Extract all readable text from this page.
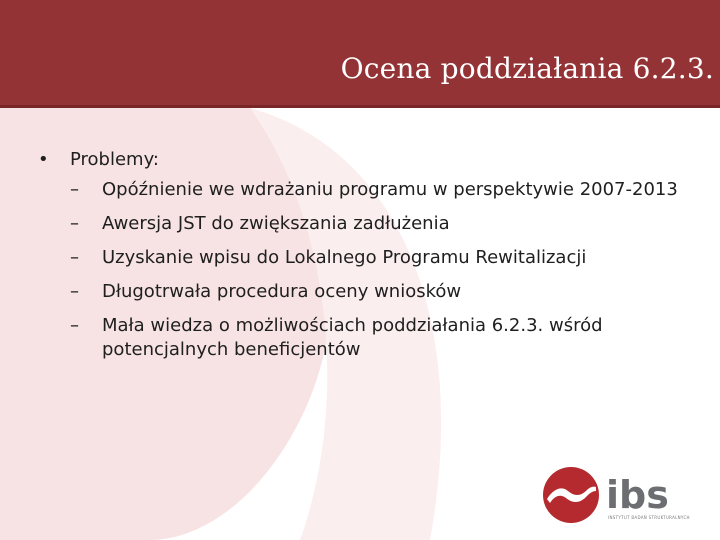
Ocena poddziałania 6.2.3.
• Problemy:
– Opóźnienie we wdrażaniu programu w perspektywie 2007-2013
– Awersja JST do zwiększania zadłużenia
– Uzyskanie wpisu do Lokalnego Programu Rewitalizacji
– Długotrwała procedura oceny wniosków
– Mała wiedza o możliwościach poddziałania 6.2.3. wśród potencjalnych beneficjentów
ibs
INSTYTUT BADAŃ STRUKTURALNYCH
